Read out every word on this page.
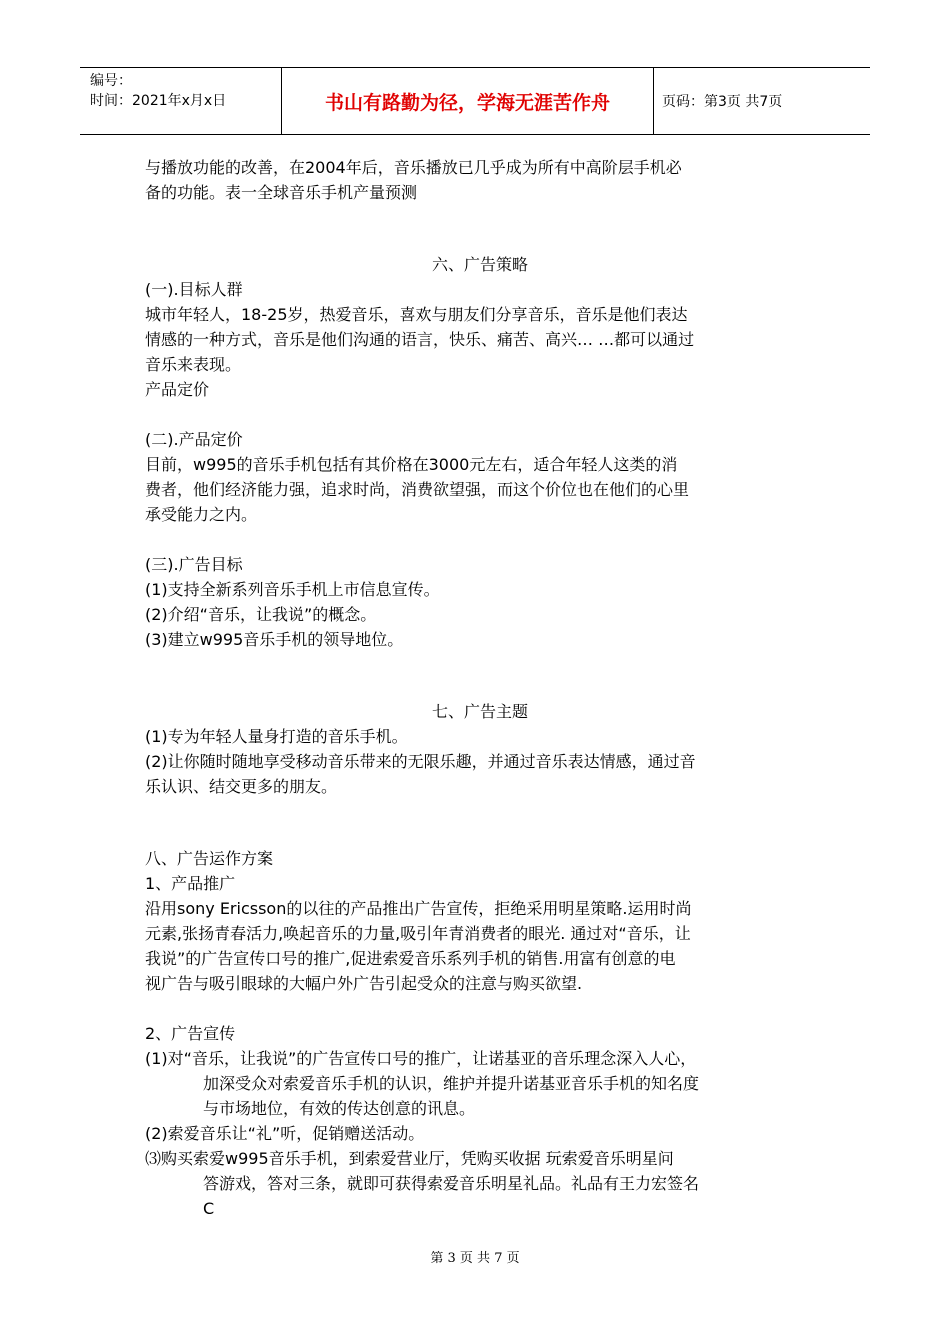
编号：
时间：2021年x月x日	书山有路勤为径，学海无涯苦作舟	页码：第3页 共7页

与播放功能的改善，在2004年后，音乐播放已几乎成为所有中高阶层手机必

备的功能。表一全球音乐手机产量预测

六、广告策略

(一).目标人群

城市年轻人，18-25岁，热爱音乐，喜欢与朋友们分享音乐，音乐是他们表达

情感的一种方式，音乐是他们沟通的语言，快乐、痛苦、高兴… …都可以通过

音乐来表现。

产品定价

(二).产品定价

目前，w995的音乐手机包括有其价格在3000元左右，适合年轻人这类的消

费者，他们经济能力强，追求时尚，消费欲望强，而这个价位也在他们的心里

承受能力之内。

(三).广告目标

(1)支持全新系列音乐手机上市信息宣传。

(2)介绍“音乐，让我说”的概念。

(3)建立w995音乐手机的领导地位。

七、广告主题

(1)专为年轻人量身打造的音乐手机。

(2)让你随时随地享受移动音乐带来的无限乐趣，并通过音乐表达情感，通过音

乐认识、结交更多的朋友。

八、广告运作方案

1、产品推广

沿用sony Ericsson的以往的产品推出广告宣传，拒绝采用明星策略.运用时尚

元素,张扬青春活力,唤起音乐的力量,吸引年青消费者的眼光. 通过对“音乐，让

我说”的广告宣传口号的推广,促进索爱音乐系列手机的销售.用富有创意的电

视广告与吸引眼球的大幅户外广告引起受众的注意与购买欲望.

2、广告宣传

(1)对“音乐，让我说”的广告宣传口号的推广，让诺基亚的音乐理念深入人心，

加深受众对索爱音乐手机的认识，维护并提升诺基亚音乐手机的知名度

与市场地位，有效的传达创意的讯息。

(2)索爱音乐让“礼”听，促销赠送活动。

⑶购买索爱w995音乐手机，到索爱营业厅，凭购买收据 玩索爱音乐明星问

答游戏，答对三条，就即可获得索爱音乐明星礼品。礼品有王力宏签名

C

第 3 页 共 7 页
